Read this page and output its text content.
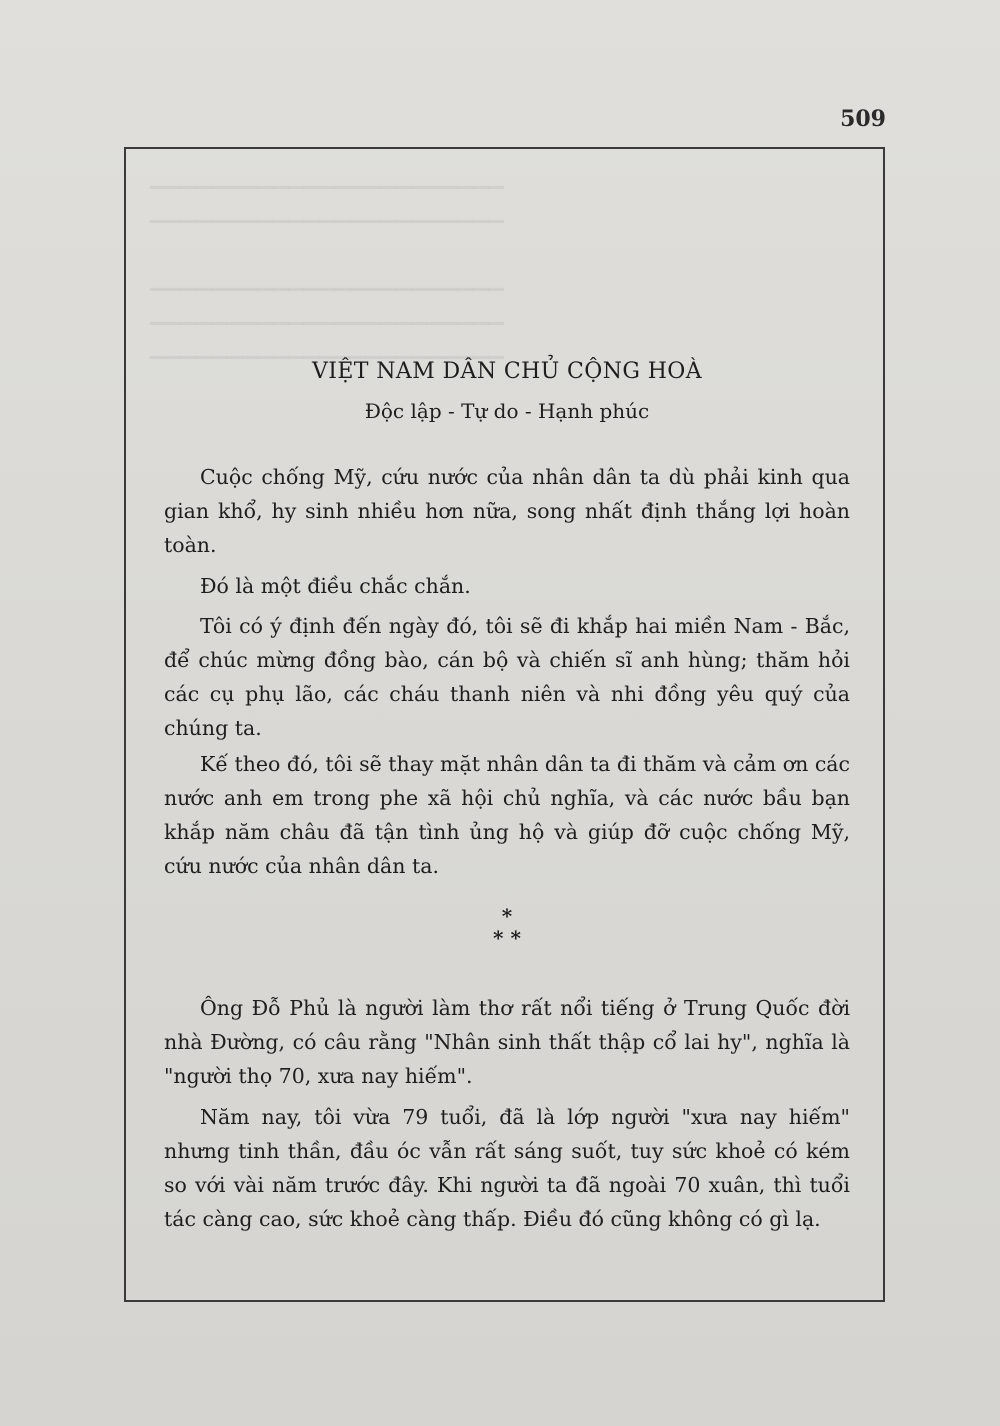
▁▁▁▁▁▁▁▁▁▁▁▁▁▁▁▁▁▁▁▁▁▁▁
▁▁▁▁▁▁▁▁▁▁▁▁▁▁▁▁▁▁▁▁▁▁▁

▁▁▁▁▁▁▁▁▁▁▁▁▁▁▁▁▁▁▁▁▁▁▁
▁▁▁▁▁▁▁▁▁▁▁▁▁▁▁▁▁▁▁▁▁▁▁
▁▁▁▁▁▁▁▁▁▁▁▁▁▁▁▁▁▁▁▁▁▁▁
509
VIỆT NAM DÂN CHỦ CỘNG HOÀ
Độc lập - Tự do - Hạnh phúc

Cuộc chống Mỹ, cứu nước của nhân dân ta dù phải kinh qua gian khổ, hy sinh nhiều hơn nữa, song nhất định thắng lợi hoàn toàn.

Đó là một điều chắc chắn.

Tôi có ý định đến ngày đó, tôi sẽ đi khắp hai miền Nam - Bắc, để chúc mừng đồng bào, cán bộ và chiến sĩ anh hùng; thăm hỏi các cụ phụ lão, các cháu thanh niên và nhi đồng yêu quý của chúng ta.

Kế theo đó, tôi sẽ thay mặt nhân dân ta đi thăm và cảm ơn các nước anh em trong phe xã hội chủ nghĩa, và các nước bầu bạn khắp năm châu đã tận tình ủng hộ và giúp đỡ cuộc chống Mỹ, cứu nước của nhân dân ta.

*
* *

Ông Đỗ Phủ là người làm thơ rất nổi tiếng ở Trung Quốc đời nhà Đường, có câu rằng "Nhân sinh thất thập cổ lai hy", nghĩa là "người thọ 70, xưa nay hiếm".

Năm nay, tôi vừa 79 tuổi, đã là lớp người "xưa nay hiếm" nhưng tinh thần, đầu óc vẫn rất sáng suốt, tuy sức khoẻ có kém so với vài năm trước đây. Khi người ta đã ngoài 70 xuân, thì tuổi tác càng cao, sức khoẻ càng thấp. Điều đó cũng không có gì lạ.
